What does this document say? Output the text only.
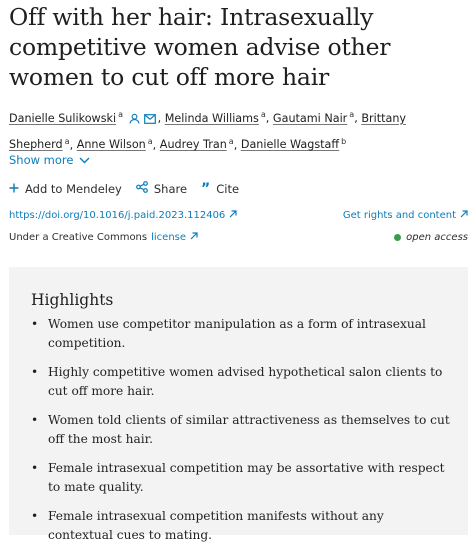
Off with her hair: Intrasexually competitive women advise other women to cut off more hair
Danielle Sulikowski $^a$	, Melinda Williams $^a$, Gautami Nair $^a$, Brittany Shepherd $^a$, Anne Wilson $^a$, Audrey Tran $^a$, Danielle Wagstaff $^b$
Show more
Add to Mendeley	Share ” Cite
https://doi.org/10.1016/j.paid.2023.112406	Get rights and content
Under a Creative Commons license	open access
Highlights
• Women use competitor manipulation as a form of intrasexual competition.
• Highly competitive women advised hypothetical salon clients to cut off more hair.
• Women told clients of similar attractiveness as themselves to cut off the most hair.
• Female intrasexual competition may be assortative with respect to mate quality.
• Female intrasexual competition manifests without any contextual cues to mating.
